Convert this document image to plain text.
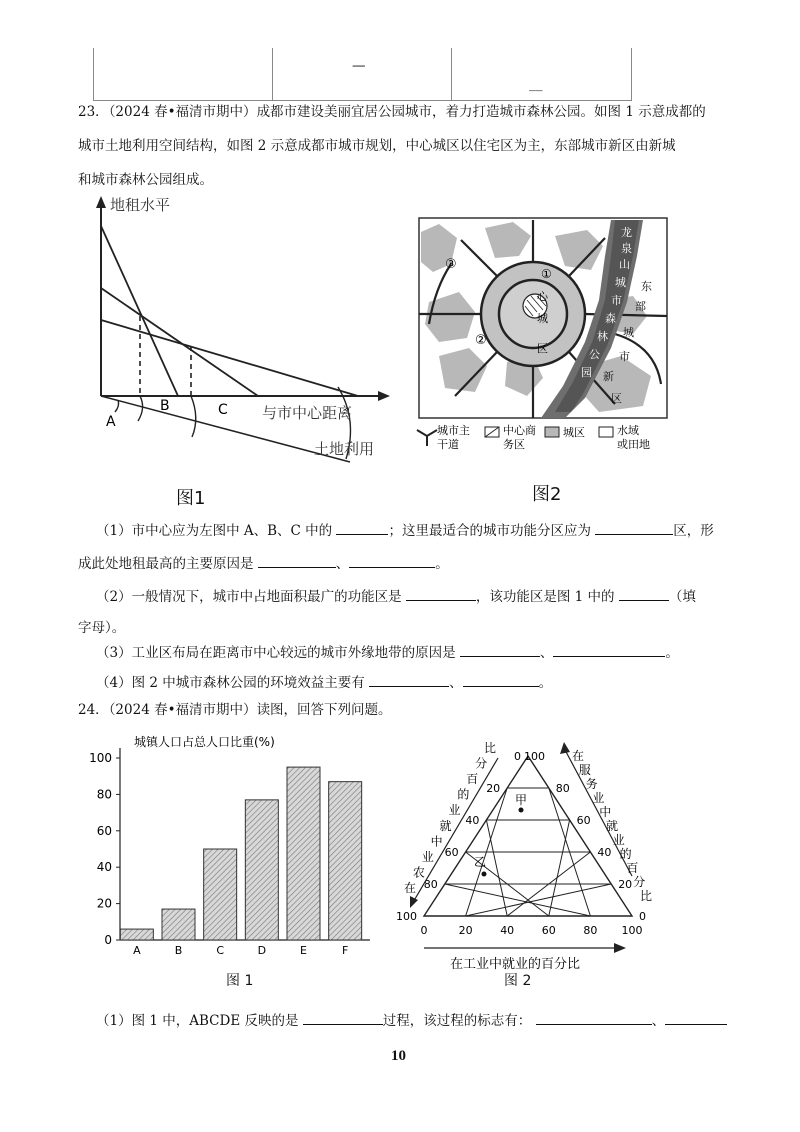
—
__
23．（2024 春•福清市期中）成都市建设美丽宜居公园城市，着力打造城市森林公园。如图 1 示意成都的
城市土地利用空间结构，如图 2 示意成都市城市规划，中心城区以住宅区为主，东部城市新区由新城
和城市森林公园组成。
地租水平
与市中心距离
土地利用
A
B	C
图1
③
②
①
心
城
区
龙
泉
山
城
市
森
林
公
园
东
部
城
市
新
区
城市主
干道
中心商
务区
城区	水域
或田地
图2
（1）市中心应为左图中 A、B、C 中的	；这里最适合的城市功能分区应为	区，形
成此处地租最高的主要原因是	、	。
（2）一般情况下，城市中占地面积最广的功能区是	，该功能区是图 1 中的	（填
字母）。
（3）工业区布局在距离市中心较远的城市外缘地带的原因是	、	。
（4）图 2 中城市森林公园的环境效益主要有	、	。
24．（2024 春•福清市期中）读图，回答下列问题。
城镇人口占总人口比重(%)
0
20
40
60
80
100
A	B	C	D	E	F
图 1
0
20
40
60
80
100
100
80
60
40
20
0
0	20	40	60	80 100
在工业中就业的百分比
比
分
百
的
业
就
中
业
农
在
在
服
务
业
中
就
业
的
百
分
比
甲
乙
图 2
（1）图 1 中，ABCDE 反映的是	过程，该过程的标志有：	、
10
